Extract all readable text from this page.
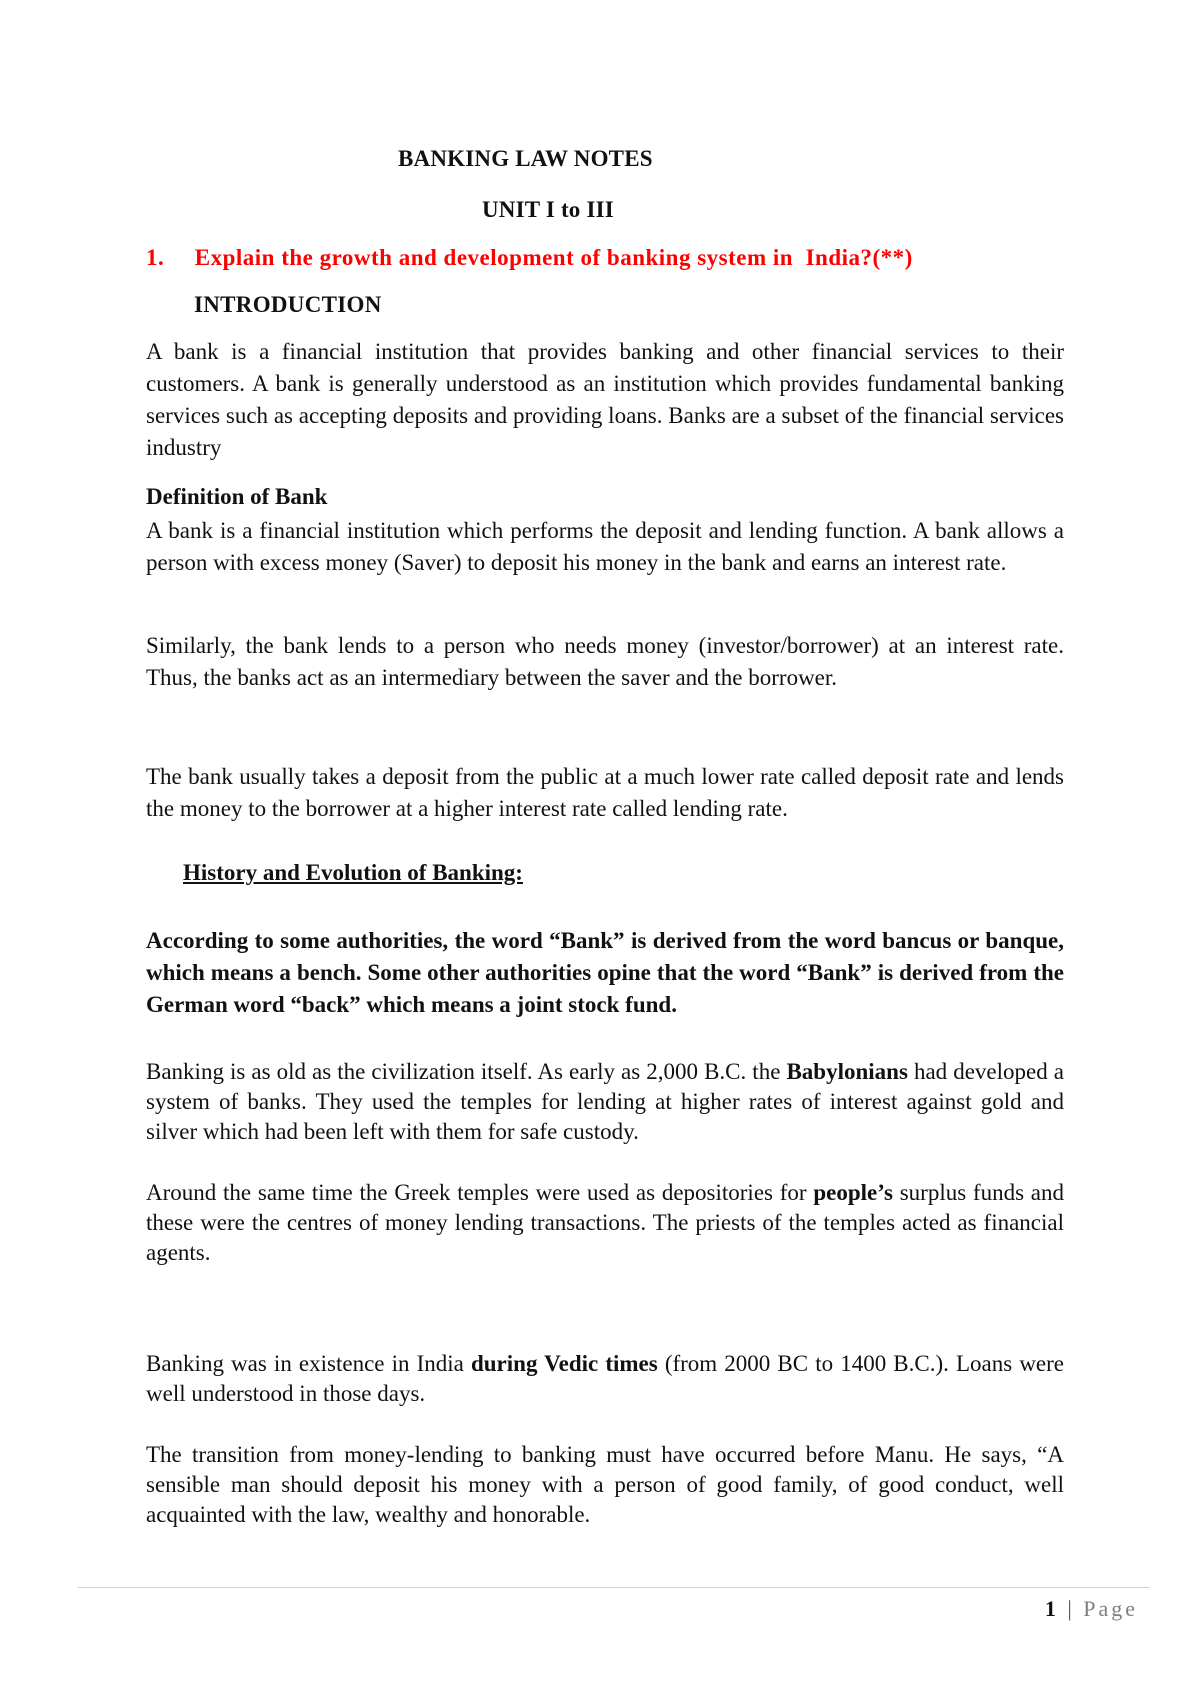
BANKING LAW NOTES

UNIT I to III

1. Explain the growth and development of banking system in  India?(**)

INTRODUCTION

A bank is a financial institution that provides banking and other financial services to their customers. A bank is generally understood as an institution which provides fundamental banking services such as accepting deposits and providing loans. Banks are a subset of the financial services industry

Definition of Bank

A bank is a financial institution which performs the deposit and lending function. A bank allows a person with excess money (Saver) to deposit his money in the bank and earns an interest rate.

Similarly, the bank lends to a person who needs money (investor/borrower) at an interest rate. Thus, the banks act as an intermediary between the saver and the borrower.

The bank usually takes a deposit from the public at a much lower rate called deposit rate and lends the money to the borrower at a higher interest rate called lending rate.

History and Evolution of Banking:

According to some authorities, the word “Bank” is derived from the word bancus or banque, which means a bench. Some other authorities opine that the word “Bank” is derived from the German word “back” which means a joint stock fund.

Banking is as old as the civilization itself. As early as 2,000 B.C. the Babylonians had developed a system of banks. They used the temples for lending at higher rates of interest against gold and silver which had been left with them for safe custody.

Around the same time the Greek temples were used as depositories for people’s surplus funds and these were the centres of money lending transactions. The priests of the temples acted as financial agents.

Banking was in existence in India during Vedic times (from 2000 BC to 1400 B.C.). Loans were well understood in those days.

The transition from money-lending to banking must have occurred before Manu. He says, “A sensible man should deposit his money with a person of good family, of good conduct, well acquainted with the law, wealthy and honorable.

1 | Page
